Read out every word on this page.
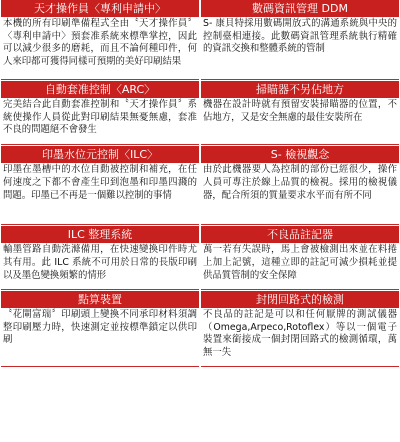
天才操作員〈專利申請中〉
本機的所有印刷準備程式全由〝天才操作員〞〈專利申請中〉預套准系統來標準掌控，因此可以減少很多的磨耗，而且不論何種印件，何人來印都可獲得同樣可預期的美好印刷結果
數碼資訊管理 DDM
S- 康貝特採用數碼開放式的溝通系統與中央的控制臺相連接。此數碼資訊管理系統執行精確的資訊交換和整體系統的管制
自動套准控制〈ARC〉
完美結合此自動套准控制和〝天才操作員〞系統使操作人員從此對印刷結果無憂無慮，套准不良的問題絕不會發生
掃瞄器不另佔地方
機器在設計時就有預留安裝掃瞄器的位置，不佔地方，又是安全無慮的最佳安裝所在
印墨水位元控制〈ILC〉
印墨在墨槽中的水位自動被控制和補充，在任何速度之下都不會產生印到泡墨和印墨四濺的問題。印墨已不再是一個難以控制的事情
S- 檢視觀念
由於此機器要人為控制的部份已經很少，操作人員可專注於線上品質的檢視。採用的檢視儀器，配合所須的質量要求水平而有所不同
ILC 整理系統
輸墨管路自動洗滌備用，在快速變換印件時尤其有用。此 ILC 系統不可用於日常的長版印刷以及墨色變換頻繁的情形
不良品註記器
萬一若有失誤時，馬上會被檢測出來並在料捲上加上記號，這種立即的註記可減少損耗並提供品質管制的安全保障
點算裝置
〝花閘富瑞〞印刷頭上變換不同承印材料須調整印刷壓力時，快速測定並按標準鎖定以供印刷
封閉回路式的檢測
不良品的註記是可以和任何厭牌的測試儀器（Omega,Arpeco,Rotoflex）等以一個電子裝置來銜接成一個封閉回路式的檢測循環，萬無一失
